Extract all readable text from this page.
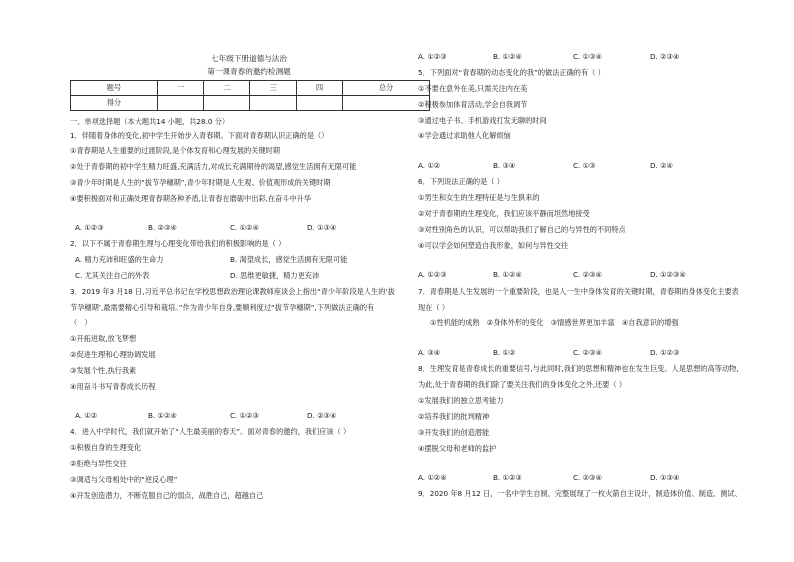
七年级下册道德与法治
第一课青春的邀约检测题
题号	一	二	三	四	总分
得分					
一、单项选择题（本大题共14 小题，共28.0 分）
1．伴随着身体的变化,初中学生开始步入青春期。下面对青春期认识正确的是（）
①青春期是人生重要的过渡阶段,是个体发育和心理发展的关键时期
②处于青春期的初中学生精力旺盛,充满活力,对成长充满期待的渴望,感觉生活拥有无限可能
③青少年时期是人生的“拔节孕穗期”,青少年时期是人生观、价值观形成的关键时期
④要积极面对和正确处理青春期各种矛盾,让青春在磨砺中出彩,在奋斗中升华
A. ①②③	B. ②③④	C. ①②④	D. ①③④
2．以下不属于青春期生理与心理变化带给我们的积极影响的是（ ）
A. 精力充沛和旺盛的生命力	B. 渴望成长，感觉生活拥有无限可能
C. 尤其关注自己的外表	D. 思维更敏捷，精力更充沛
3．2019 年3 月18 日,习近平总书记在学校思想政治理论课教师座谈会上指出“青少年阶段是人生的‘拔
节孕穗期’,最需要精心引导和栽培。”作为青少年自身,要顺利度过“拔节孕穗期”,下列做法正确的有
（　）
①开拓进取,放飞梦想
②促进生理和心理协调发展
③发展个性,执行我素
④用奋斗书写青春成长历程
A. ①②	B. ①②④	C. ①②③	D. ②③④
4．进入中学时代，我们就开始了“人生最美丽的春天”。面对青春的邀约，我们应该（ ）
①积极自身的生理变化
②拒绝与异性交往
③调适与父母相处中的“逆反心理”
④开发创造潜力，不断克服自己的弱点，战胜自己，超越自己
A. ①②③	B. ①②④	C. ①③④	D. ②③④
5．下列面对“青春期的动态变化的我”的做法正确的有（ ）
①不要在意外在美,只需关注内在美
②积极参加体育活动,学会自我调节
③通过电子书、手机游戏打发无聊的时间
④学会通过求助他人化解烦恼
A. ①②	B. ③④	C. ①③	D. ②④
6．下列说法正确的是（ ）
①男生和女生的生理特征是与生俱来的
②对于青春期的生理变化，我们应该平静而坦然地接受
③对性别角色的认识，可以帮助我们了解自己的与异性的不同特点
④可以学会如何塑造自我形象，如何与异性交往
A. ①②③	B. ①②④	C. ②③④	D. ①②③④
7．青春期是人生发展的一个重要阶段，也是人一生中身体发育的关键时期，青春期的身体变化主要表
现在（ ）
①性机能的成熟　②身体外形的变化　③情感世界更加丰富　④自我意识的增强
A. ③④	B. ①②	C. ②③④	D. ①②③
8．生理发育是青春成长的重要信号,与此同时,我们的思想和精神也在发生巨变。人是思想的高等动物,
为此,处于青春期的我们除了要关注我们的身体变化之外,还要（ ）
①发展我们的独立思考能力
②培养我们的批判精神
③开发我们的创造潜能
④摆脱父母和老师的监护
A. ①②④	B. ①②③	C. ②③④	D. ①③④
9．2020 年8 月12 日，一名中学生自制，完整展现了一枚火箭自主设计，制造体价值、制造、测试、
